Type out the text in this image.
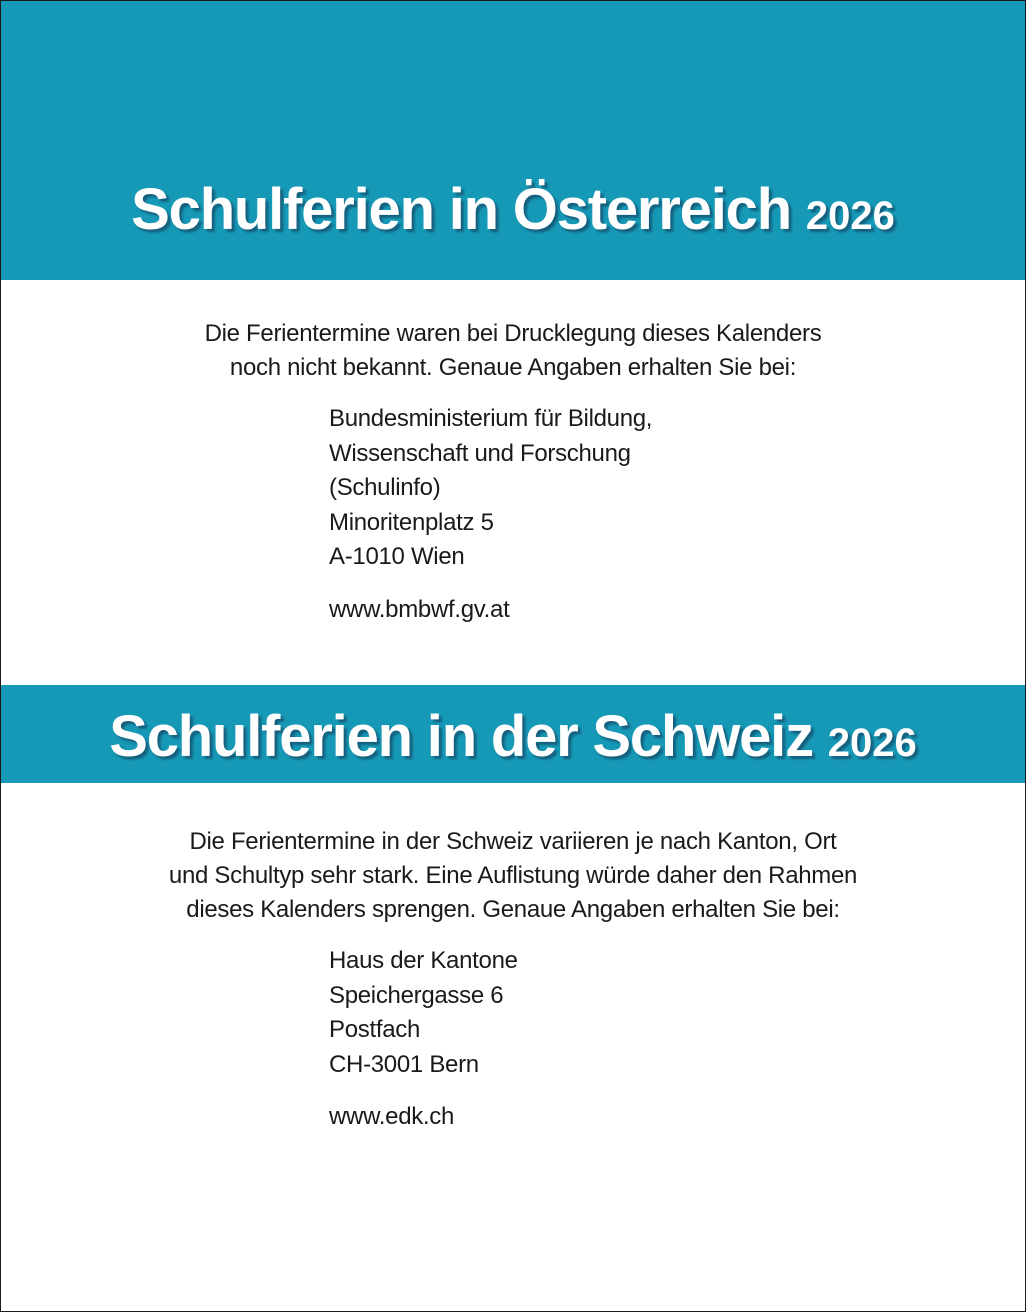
Schulferien in Österreich 2026
Die Ferientermine waren bei Drucklegung dieses Kalenders
noch nicht bekannt. Genaue Angaben erhalten Sie bei:
Bundesministerium für Bildung,
Wissenschaft und Forschung
(Schulinfo)
Minoritenplatz 5
A-1010 Wien
www.bmbwf.gv.at
Schulferien in der Schweiz 2026
Die Ferientermine in der Schweiz variieren je nach Kanton, Ort
und Schultyp sehr stark. Eine Auflistung würde daher den Rahmen
dieses Kalenders sprengen. Genaue Angaben erhalten Sie bei:
Haus der Kantone
Speichergasse 6
Postfach
CH-3001 Bern
www.edk.ch
